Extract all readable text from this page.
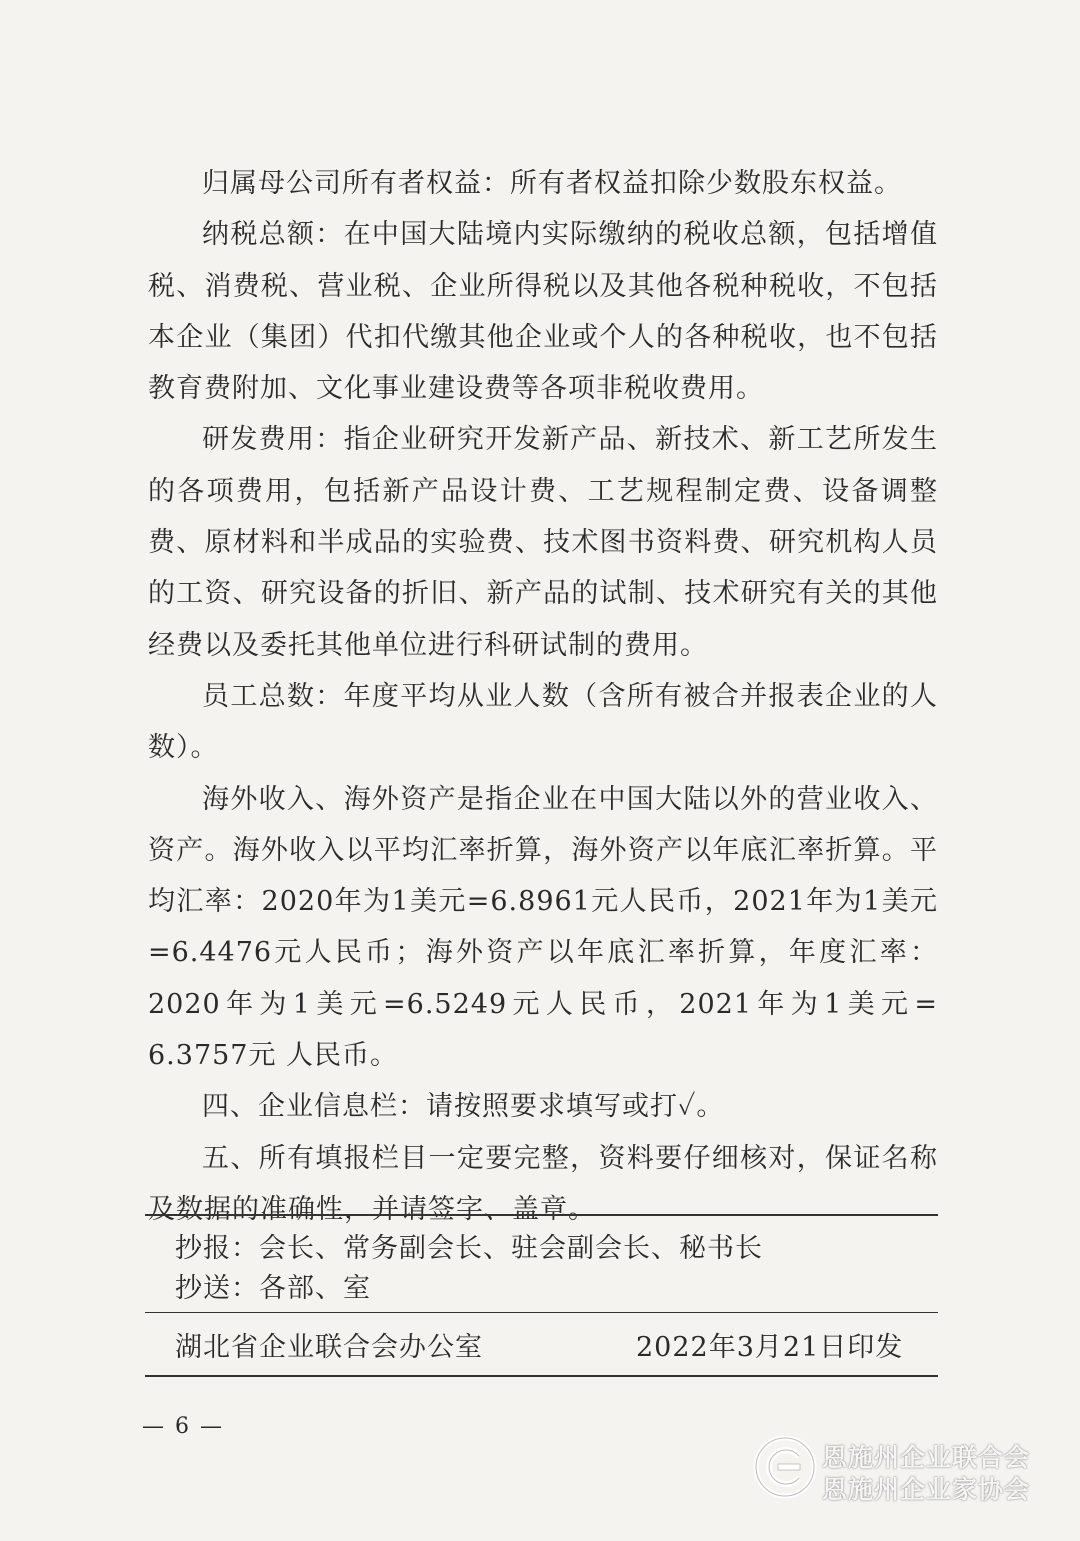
归属母公司所有者权益：所有者权益扣除少数股东权益。

纳税总额：在中国大陆境内实际缴纳的税收总额，包括增值税、消费税、营业税、企业所得税以及其他各税种税收，不包括本企业（集团）代扣代缴其他企业或个人的各种税收，也不包括教育费附加、文化事业建设费等各项非税收费用。

研发费用：指企业研究开发新产品、新技术、新工艺所发生的各项费用，包括新产品设计费、工艺规程制定费、设备调整费、原材料和半成品的实验费、技术图书资料费、研究机构人员的工资、研究设备的折旧、新产品的试制、技术研究有关的其他经费以及委托其他单位进行科研试制的费用。

员工总数：年度平均从业人数（含所有被合并报表企业的人数）。

海外收入、海外资产是指企业在中国大陆以外的营业收入、资产。海外收入以平均汇率折算，海外资产以年底汇率折算。平均汇率：2020年为1美元=6.8961元人民币，2021年为1美元=6.4476元人民币；海外资产以年底汇率折算，年度汇率：2020年为1美元=6.5249元人民币，2021年为1美元= 6.3757元 人民币。

四、企业信息栏：请按照要求填写或打✓。

五、所有填报栏目一定要完整，资料要仔细核对，保证名称及数据的准确性，并请签字、盖章。

抄报：会长、常务副会长、驻会副会长、秘书长
抄送：各部、室
湖北省企业联合会办公室	2022年3月21日印发
— 6 —
恩施州企业联合会
恩施州企业家协会
